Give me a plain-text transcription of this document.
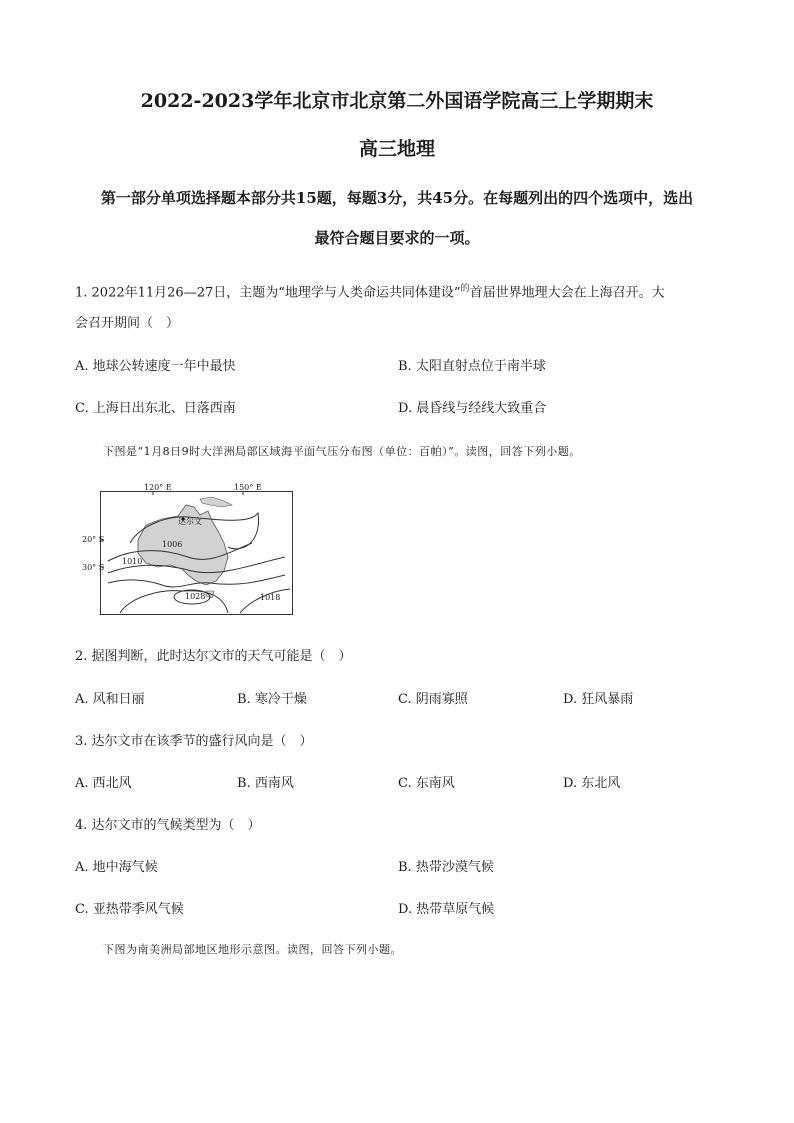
2022-2023学年北京市北京第二外国语学院高三上学期期末
高三地理
第一部分单项选择题本部分共15题，每题3分，共45分。在每题列出的四个选项中，选出
最符合题目要求的一项。
1. 2022年11月26—27日，主题为“地理学与人类命运共同体建设”$^的$首届世界地理大会在上海召开。大
会召开期间（　）
A. 地球公转速度一年中最快	B. 太阳直射点位于南半球
C. 上海日出东北、日落西南	D. 晨昏线与经线大致重合
下图是“1月8日9时大洋洲局部区域海平面气压分布图（单位：百帕）”。读图，回答下列小题。
120° E	150° E
20° S
30° S
达尔文
1006
1010
1028	1018
2. 据图判断，此时达尔文市的天气可能是（　）
A. 风和日丽	B. 寒冷干燥	C. 阴雨寡照	D. 狂风暴雨
3. 达尔文市在该季节的盛行风向是（　）
A. 西北风	B. 西南风	C. 东南风	D. 东北风
4. 达尔文市的气候类型为（　）
A. 地中海气候	B. 热带沙漠气候
C. 亚热带季风气候	D. 热带草原气候
下图为南美洲局部地区地形示意图。读图，回答下列小题。
